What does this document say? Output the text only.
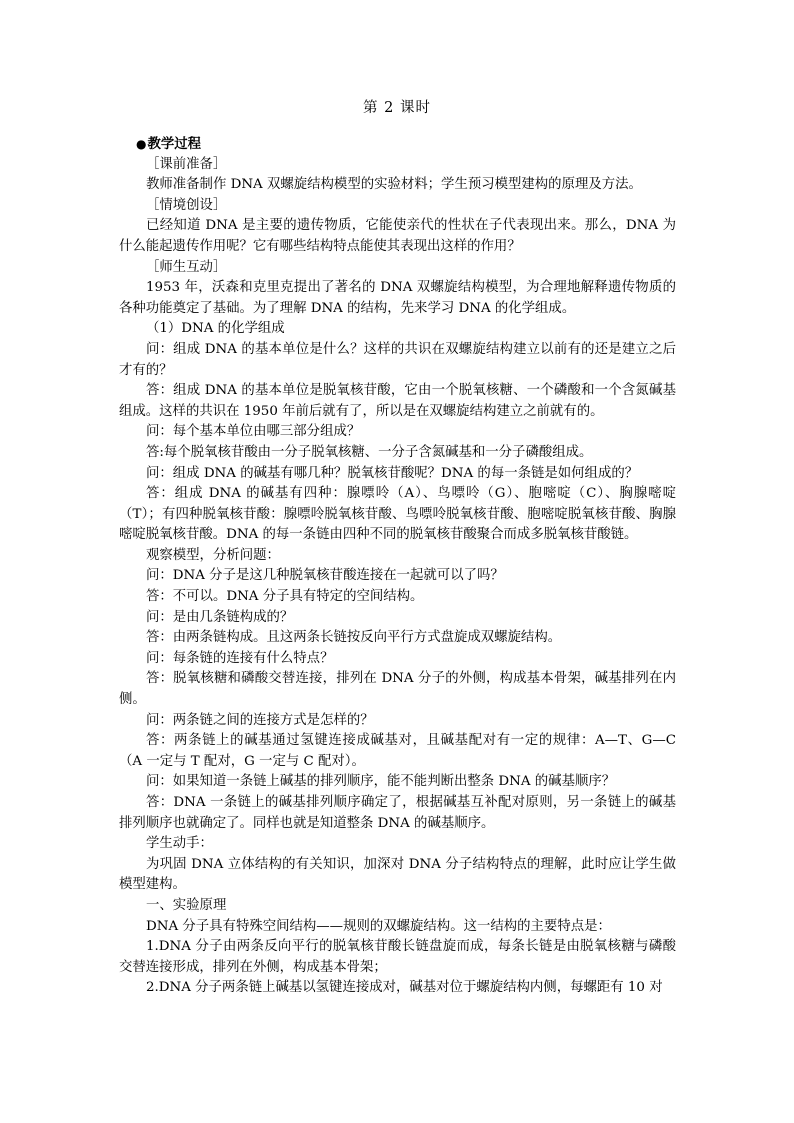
第 2 课时

●教学过程

［课前准备］

教师准备制作 DNA 双螺旋结构模型的实验材料；学生预习模型建构的原理及方法。

［情境创设］

已经知道 DNA 是主要的遗传物质，它能使亲代的性状在子代表现出来。那么，DNA 为什么能起遗传作用呢？它有哪些结构特点能使其表现出这样的作用？

［师生互动］

1953 年，沃森和克里克提出了著名的 DNA 双螺旋结构模型，为合理地解释遗传物质的各种功能奠定了基础。为了理解 DNA 的结构，先来学习 DNA 的化学组成。

（1）DNA 的化学组成

问：组成 DNA 的基本单位是什么？这样的共识在双螺旋结构建立以前有的还是建立之后才有的？

答：组成 DNA 的基本单位是脱氧核苷酸，它由一个脱氧核糖、一个磷酸和一个含氮碱基组成。这样的共识在 1950 年前后就有了，所以是在双螺旋结构建立之前就有的。

问：每个基本单位由哪三部分组成？

答:每个脱氧核苷酸由一分子脱氧核糖、一分子含氮碱基和一分子磷酸组成。

问：组成 DNA 的碱基有哪几种？脱氧核苷酸呢？DNA 的每一条链是如何组成的？

答：组成 DNA 的碱基有四种：腺嘌呤（A）、鸟嘌呤（G）、胞嘧啶（C）、胸腺嘧啶（T）；有四种脱氧核苷酸：腺嘌呤脱氧核苷酸、鸟嘌呤脱氧核苷酸、胞嘧啶脱氧核苷酸、胸腺嘧啶脱氧核苷酸。DNA 的每一条链由四种不同的脱氧核苷酸聚合而成多脱氧核苷酸链。

观察模型，分析问题：

问：DNA 分子是这几种脱氧核苷酸连接在一起就可以了吗？

答：不可以。DNA 分子具有特定的空间结构。

问：是由几条链构成的？

答：由两条链构成。且这两条长链按反向平行方式盘旋成双螺旋结构。

问：每条链的连接有什么特点？

答：脱氧核糖和磷酸交替连接，排列在 DNA 分子的外侧，构成基本骨架，碱基排列在内侧。

问：两条链之间的连接方式是怎样的？

答：两条链上的碱基通过氢键连接成碱基对，且碱基配对有一定的规律：A—T、G—C（A 一定与 T 配对，G 一定与 C 配对）。

问：如果知道一条链上碱基的排列顺序，能不能判断出整条 DNA 的碱基顺序？

答：DNA 一条链上的碱基排列顺序确定了，根据碱基互补配对原则，另一条链上的碱基排列顺序也就确定了。同样也就是知道整条 DNA 的碱基顺序。

学生动手：

为巩固 DNA 立体结构的有关知识，加深对 DNA 分子结构特点的理解，此时应让学生做模型建构。

一、实验原理

DNA 分子具有特殊空间结构——规则的双螺旋结构。这一结构的主要特点是：

1.DNA 分子由两条反向平行的脱氧核苷酸长链盘旋而成，每条长链是由脱氧核糖与磷酸交替连接形成，排列在外侧，构成基本骨架；

2.DNA 分子两条链上碱基以氢键连接成对，碱基对位于螺旋结构内侧，每螺距有 10 对
